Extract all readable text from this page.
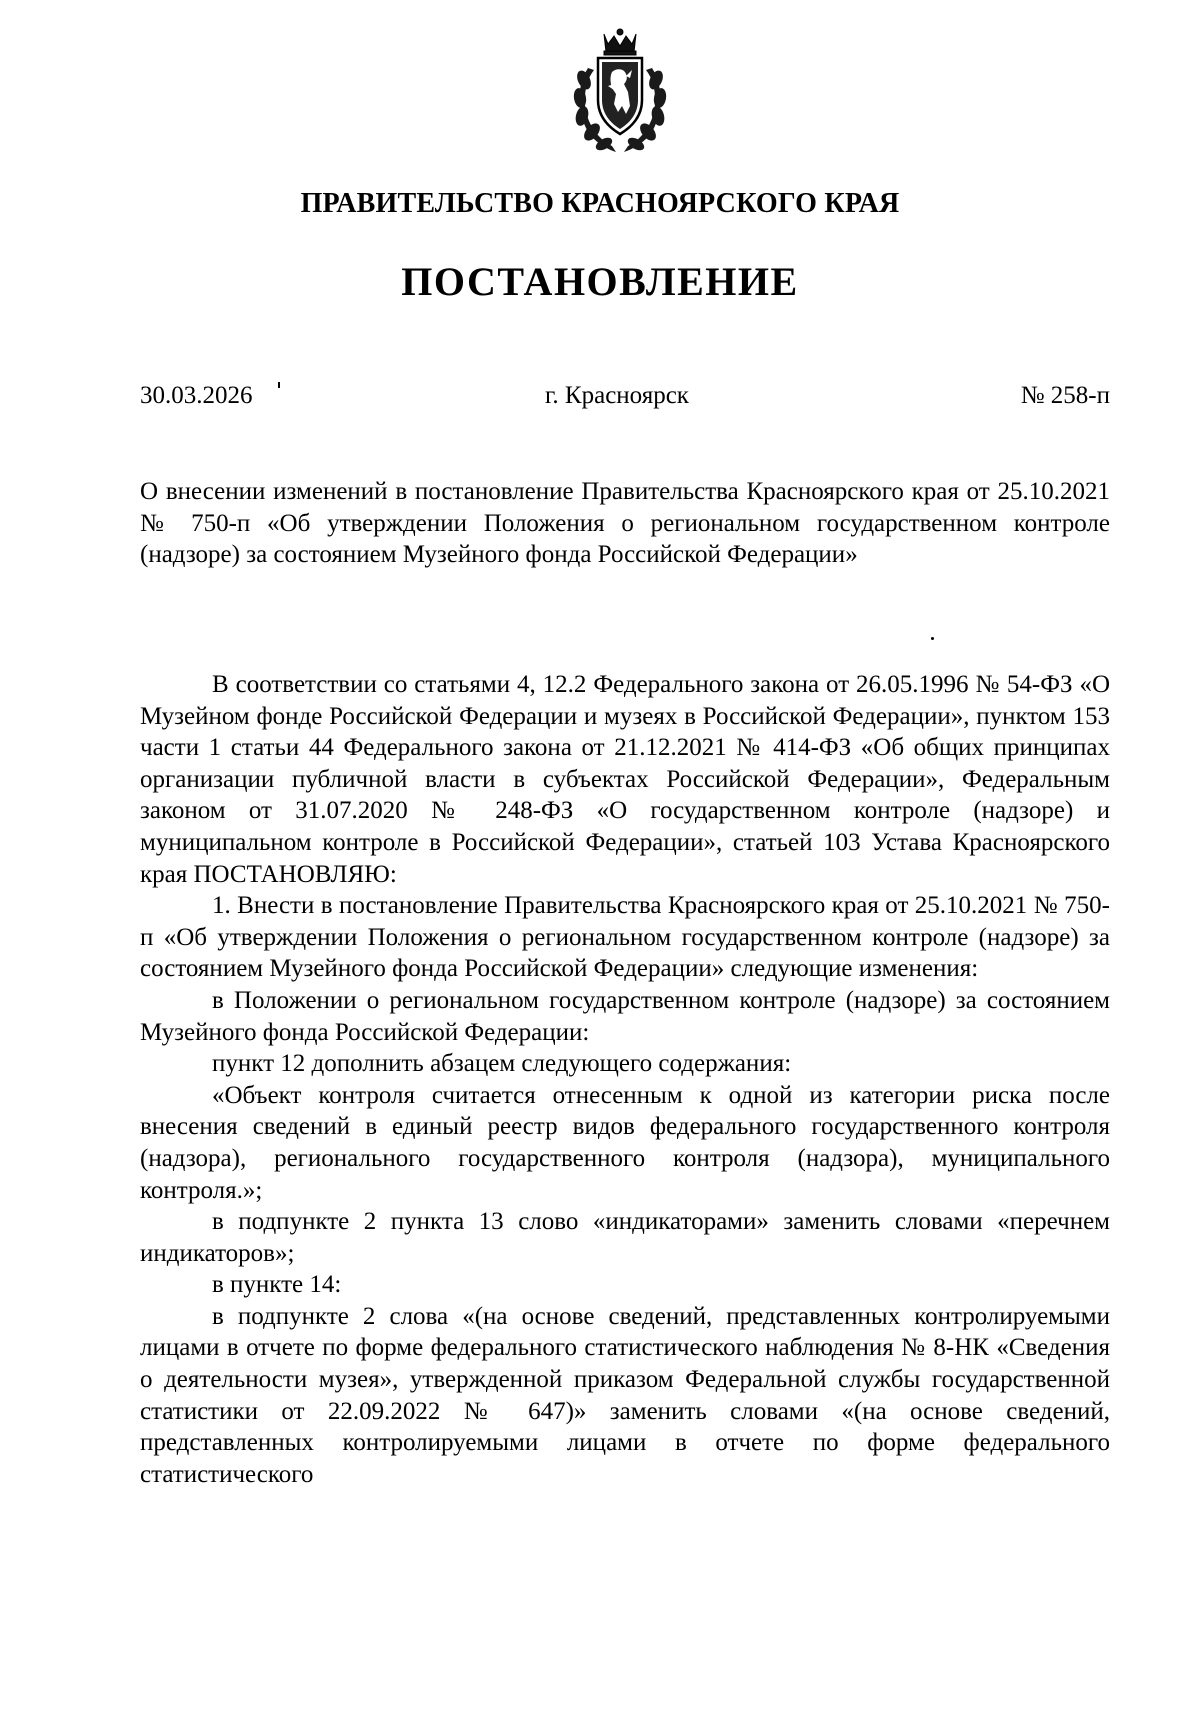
ПРАВИТЕЛЬСТВО КРАСНОЯРСКОГО КРАЯ
ПОСТАНОВЛЕНИЕ
30.03.2026	г. Красноярск	№ 258-п

О внесении изменений в постановление Правительства Красноярского края от 25.10.2021 № 750-п «Об утверждении Положения о региональном государственном контроле (надзоре) за состоянием Музейного фонда Российской Федерации»

В соответствии со статьями 4, 12.2 Федерального закона от 26.05.1996 № 54-ФЗ «О Музейном фонде Российской Федерации и музеях в Российской Федерации», пунктом 153 части 1 статьи 44 Федерального закона от 21.12.2021 № 414-ФЗ «Об общих принципах организации публичной власти в субъектах Российской Федерации», Федеральным законом от 31.07.2020 № 248-ФЗ «О государственном контроле (надзоре) и муниципальном контроле в Российской Федерации», статьей 103 Устава Красноярского края ПОСТАНОВЛЯЮ:

1. Внести в постановление Правительства Красноярского края от 25.10.2021 № 750-п «Об утверждении Положения о региональном государственном контроле (надзоре) за состоянием Музейного фонда Российской Федерации» следующие изменения:

в Положении о региональном государственном контроле (надзоре) за состоянием Музейного фонда Российской Федерации:

пункт 12 дополнить абзацем следующего содержания:

«Объект контроля считается отнесенным к одной из категории риска после внесения сведений в единый реестр видов федерального государственного контроля (надзора), регионального государственного контроля (надзора), муниципального контроля.»;

в подпункте 2 пункта 13 слово «индикаторами» заменить словами «перечнем индикаторов»;

в пункте 14:

в подпункте 2 слова «(на основе сведений, представленных контролируемыми лицами в отчете по форме федерального статистического наблюдения № 8-НК «Сведения о деятельности музея», утвержденной приказом Федеральной службы государственной статистики от 22.09.2022 № 647)» заменить словами «(на основе сведений, представленных контролируемыми лицами в отчете по форме федерального статистического
